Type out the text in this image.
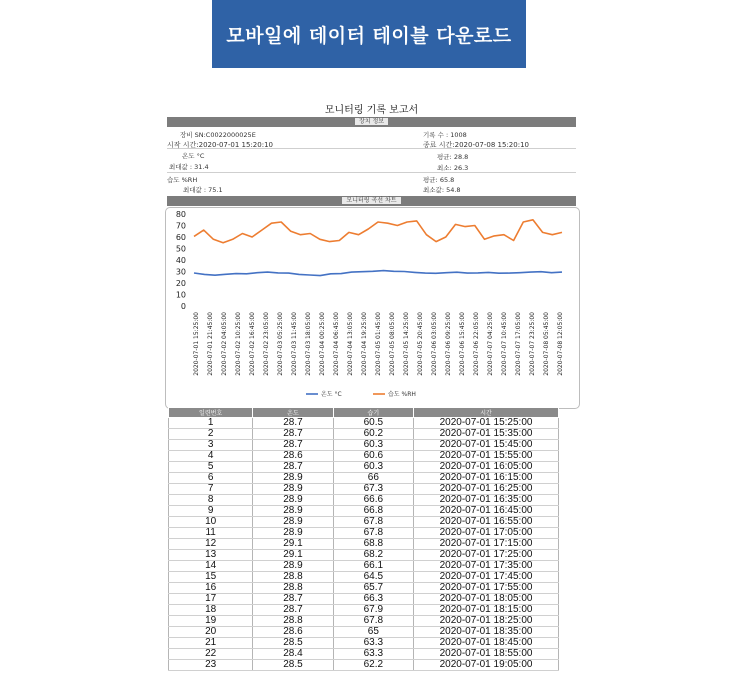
모바일에 데이터 테이블 다운로드
모니터링 기록 보고서
장치 정보
장비 SN:C0022000025E	기록 수 : 1008
시작 시간:2020-07-01 15:20:10	종료 시간:2020-07-08 15:20:10
온도 °C	평균: 28.8
최대값 : 31.4	최소: 26.3
습도 %RH	평균: 65.8
최대값 : 75.1	최소값: 54.8
모니터링 곡선 차트
0
10
20
30
40
50
60
70
80
2020-07-01 15:25:00 2020-07-01 21:45:00 2020-07-02 04:05:00 2020-07-02 10:25:00 2020-07-02 16:45:00 2020-07-02 23:05:00 2020-07-03 05:25:00 2020-07-03 11:45:00 2020-07-03 18:05:00 2020-07-04 00:25:00 2020-07-04 06:45:00 2020-07-04 13:05:00 2020-07-04 19:25:00 2020-07-05 01:45:00 2020-07-05 08:05:00 2020-07-05 14:25:00 2020-07-05 20:45:00 2020-07-06 03:05:00 2020-07-06 09:25:00 2020-07-06 15:45:00 2020-07-06 22:05:00 2020-07-07 04:25:00 2020-07-07 10:45:00 2020-07-07 17:05:00 2020-07-07 23:25:00 2020-07-08 05:45:00 2020-07-08 12:05:00
온도 °C	습도 %RH
일련번호	온도	습기	시간
1	28.7	60.5	2020-07-01 15:25:00
2	28.7	60.2	2020-07-01 15:35:00
3	28.7	60.3	2020-07-01 15:45:00
4	28.6	60.6	2020-07-01 15:55:00
5	28.7	60.3	2020-07-01 16:05:00
6	28.9	66	2020-07-01 16:15:00
7	28.9	67.3	2020-07-01 16:25:00
8	28.9	66.6	2020-07-01 16:35:00
9	28.9	66.8	2020-07-01 16:45:00
10	28.9	67.8	2020-07-01 16:55:00
11	28.9	67.8	2020-07-01 17:05:00
12	29.1	68.8	2020-07-01 17:15:00
13	29.1	68.2	2020-07-01 17:25:00
14	28.9	66.1	2020-07-01 17:35:00
15	28.8	64.5	2020-07-01 17:45:00
16	28.8	65.7	2020-07-01 17:55:00
17	28.7	66.3	2020-07-01 18:05:00
18	28.7	67.9	2020-07-01 18:15:00
19	28.8	67.8	2020-07-01 18:25:00
20	28.6	65	2020-07-01 18:35:00
21	28.5	63.3	2020-07-01 18:45:00
22	28.4	63.3	2020-07-01 18:55:00
23	28.5	62.2	2020-07-01 19:05:00
